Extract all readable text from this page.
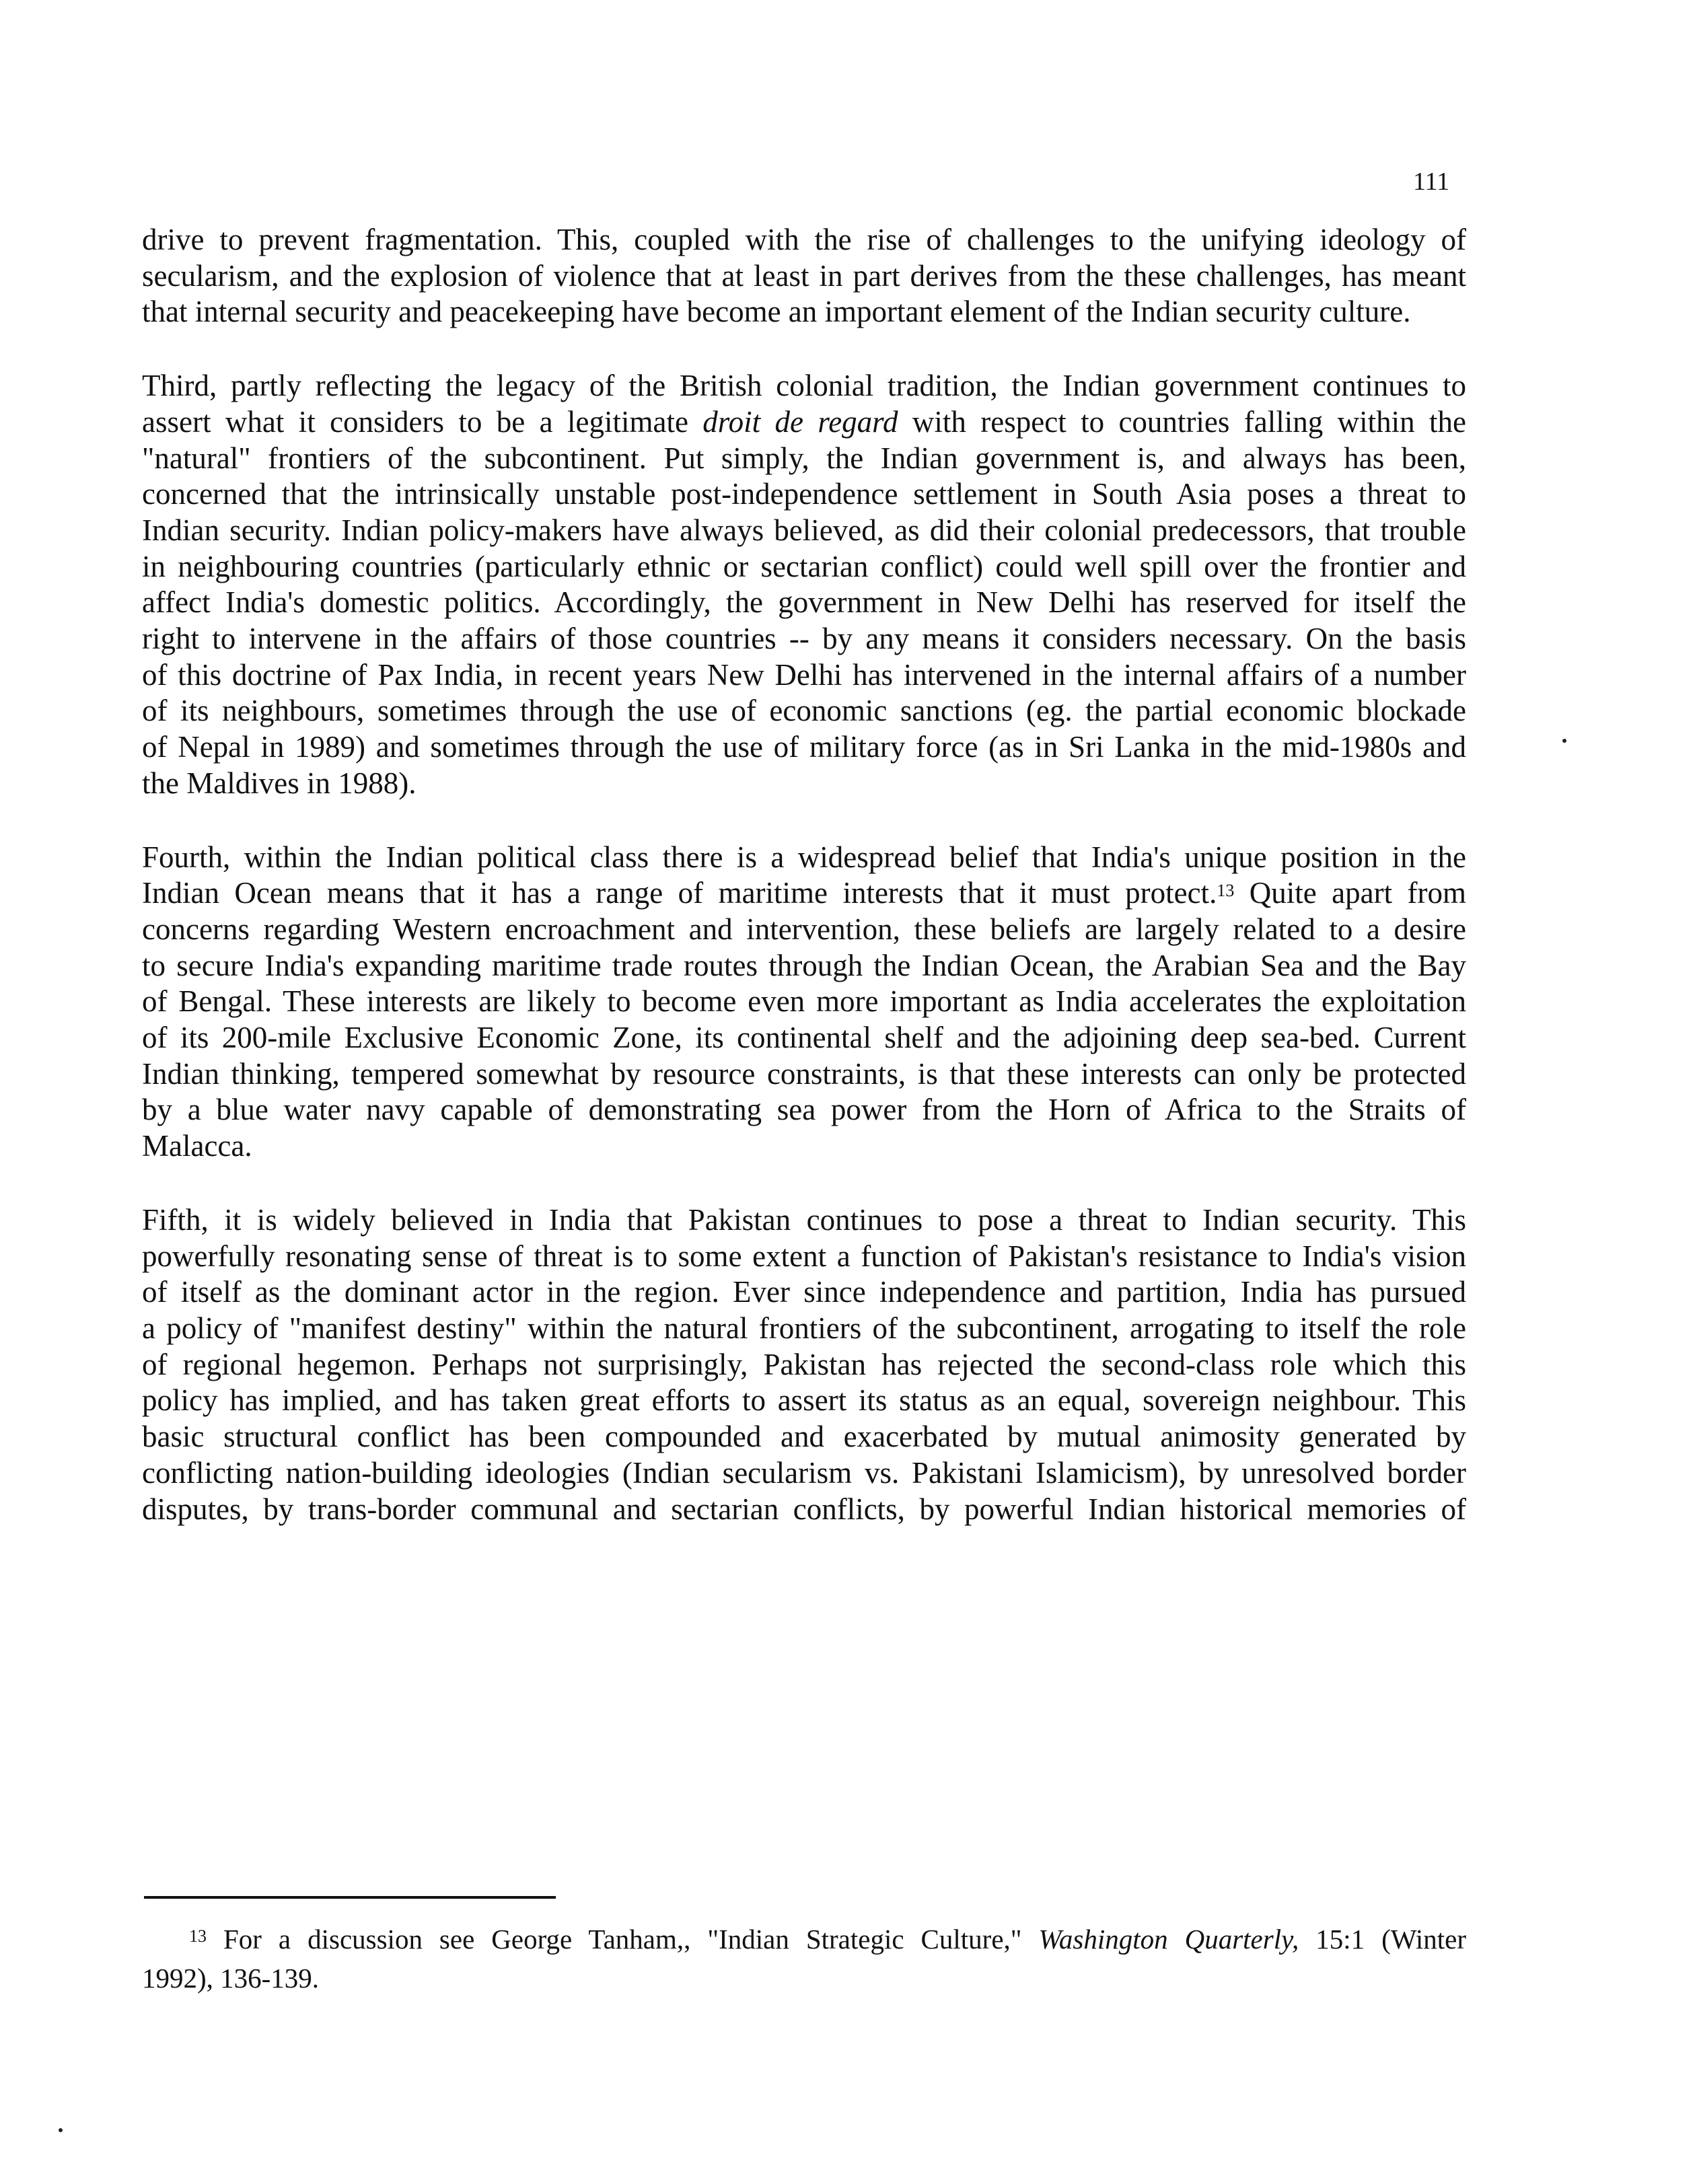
111
drive to prevent fragmentation. This, coupled with the rise of challenges to the unifying ideology of
secularism, and the explosion of violence that at least in part derives from the these challenges, has meant
that internal security and peacekeeping have become an important element of the Indian security culture.
Third, partly reflecting the legacy of the British colonial tradition, the Indian government continues to
assert what it considers to be a legitimate droit de regard with respect to countries falling within the
"natural" frontiers of the subcontinent. Put simply, the Indian government is, and always has been,
concerned that the intrinsically unstable post-independence settlement in South Asia poses a threat to
Indian security. Indian policy-makers have always believed, as did their colonial predecessors, that trouble
in neighbouring countries (particularly ethnic or sectarian conflict) could well spill over the frontier and
affect India's domestic politics. Accordingly, the government in New Delhi has reserved for itself the
right to intervene in the affairs of those countries -- by any means it considers necessary. On the basis
of this doctrine of Pax India, in recent years New Delhi has intervened in the internal affairs of a number
of its neighbours, sometimes through the use of economic sanctions (eg. the partial economic blockade
of Nepal in 1989) and sometimes through the use of military force (as in Sri Lanka in the mid-1980s and
the Maldives in 1988).
Fourth, within the Indian political class there is a widespread belief that India's unique position in the
Indian Ocean means that it has a range of maritime interests that it must protect.$^{13}$ Quite apart from
concerns regarding Western encroachment and intervention, these beliefs are largely related to a desire
to secure India's expanding maritime trade routes through the Indian Ocean, the Arabian Sea and the Bay
of Bengal. These interests are likely to become even more important as India accelerates the exploitation
of its 200-mile Exclusive Economic Zone, its continental shelf and the adjoining deep sea-bed. Current
Indian thinking, tempered somewhat by resource constraints, is that these interests can only be protected
by a blue water navy capable of demonstrating sea power from the Horn of Africa to the Straits of
Malacca.
Fifth, it is widely believed in India that Pakistan continues to pose a threat to Indian security. This
powerfully resonating sense of threat is to some extent a function of Pakistan's resistance to India's vision
of itself as the dominant actor in the region. Ever since independence and partition, India has pursued
a policy of "manifest destiny" within the natural frontiers of the subcontinent, arrogating to itself the role
of regional hegemon. Perhaps not surprisingly, Pakistan has rejected the second-class role which this
policy has implied, and has taken great efforts to assert its status as an equal, sovereign neighbour. This
basic structural conflict has been compounded and exacerbated by mutual animosity generated by
conflicting nation-building ideologies (Indian secularism vs. Pakistani Islamicism), by unresolved border
disputes, by trans-border communal and sectarian conflicts, by powerful Indian historical memories of
$^{13}$ For a discussion see George Tanham,, "Indian Strategic Culture," Washington Quarterly, 15:1 (Winter
1992), 136-139.
